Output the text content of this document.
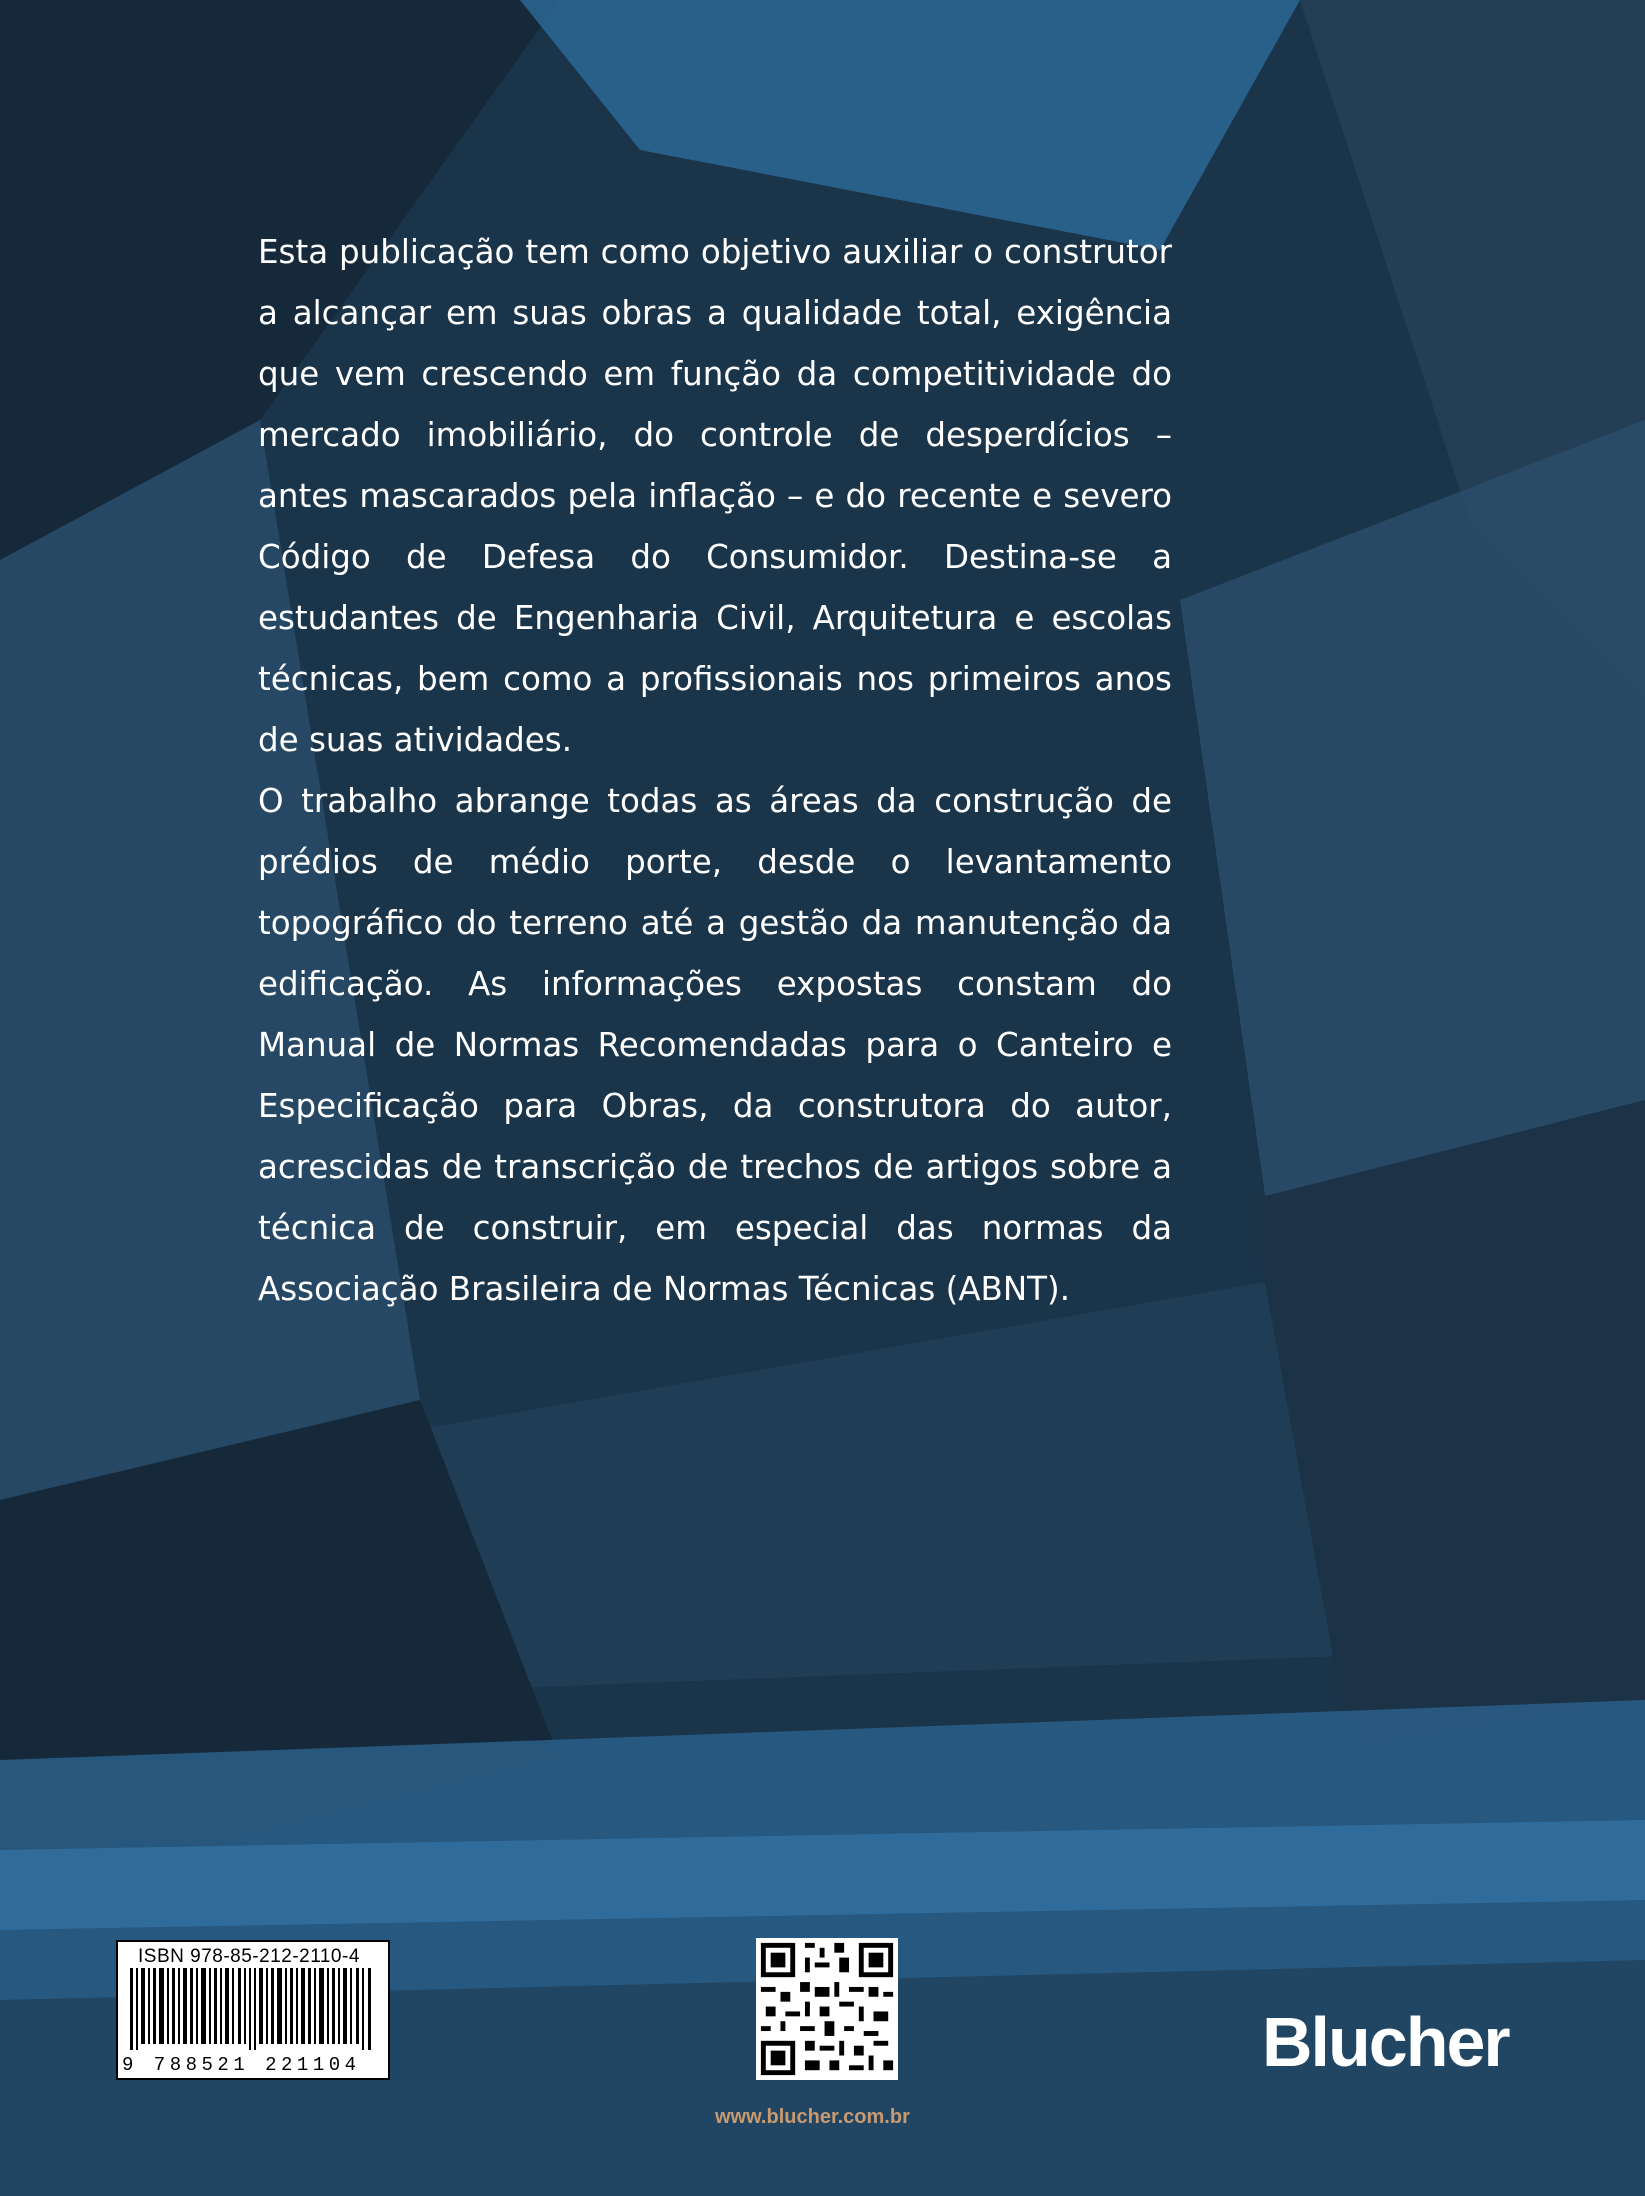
Esta publicação tem como objetivo auxiliar o construtor a alcançar em suas obras a qualidade total, exigência que vem crescendo em função da competitividade do mercado imobiliário, do controle de desperdícios – antes mascarados pela inflação – e do recente e severo Código de Defesa do Consumidor. Destina-se a estudantes de Engenharia Civil, Arquitetura e escolas técnicas, bem como a profissionais nos primeiros anos de suas atividades.

O trabalho abrange todas as áreas da construção de prédios de médio porte, desde o levantamento topográfico do terreno até a gestão da manutenção da edificação. As informações expostas constam do Manual de Normas Recomendadas para o Canteiro e Especificação para Obras, da construtora do autor, acrescidas de transcrição de trechos de artigos sobre a técnica de construir, em especial das normas da Associação Brasileira de Normas Técnicas (ABNT).

ISBN 978-85-212-2110-4
9 788521 221104	Blucher
www.blucher.com.br
